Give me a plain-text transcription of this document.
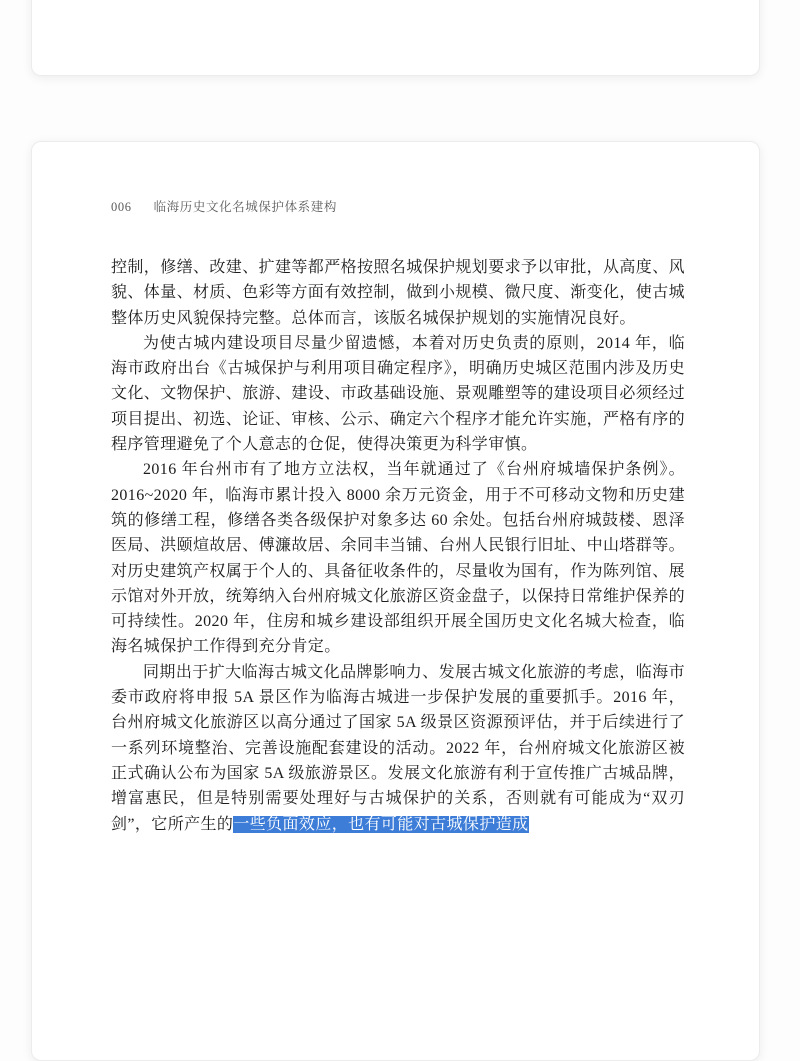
006 临海历史文化名城保护体系建构

控制，修缮、改建、扩建等都严格按照名城保护规划要求予以审批，从高度、风貌、体量、材质、色彩等方面有效控制，做到小规模、微尺度、渐变化，使古城整体历史风貌保持完整。总体而言，该版名城保护规划的实施情况良好。

为使古城内建设项目尽量少留遗憾，本着对历史负责的原则，2014 年，临海市政府出台《古城保护与利用项目确定程序》，明确历史城区范围内涉及历史文化、文物保护、旅游、建设、市政基础设施、景观雕塑等的建设项目必须经过项目提出、初选、论证、审核、公示、确定六个程序才能允许实施，严格有序的程序管理避免了个人意志的仓促，使得决策更为科学审慎。

2016 年台州市有了地方立法权，当年就通过了《台州府城墙保护条例》。2016~2020 年，临海市累计投入 8000 余万元资金，用于不可移动文物和历史建筑的修缮工程，修缮各类各级保护对象多达 60 余处。包括台州府城鼓楼、恩泽医局、洪颐煊故居、傅濂故居、余同丰当铺、台州人民银行旧址、中山塔群等。对历史建筑产权属于个人的、具备征收条件的，尽量收为国有，作为陈列馆、展示馆对外开放，统筹纳入台州府城文化旅游区资金盘子，以保持日常维护保养的可持续性。2020 年，住房和城乡建设部组织开展全国历史文化名城大检查，临海名城保护工作得到充分肯定。

同期出于扩大临海古城文化品牌影响力、发展古城文化旅游的考虑，临海市委市政府将申报 5A 景区作为临海古城进一步保护发展的重要抓手。2016 年，台州府城文化旅游区以高分通过了国家 5A 级景区资源预评估，并于后续进行了一系列环境整治、完善设施配套建设的活动。2022 年，台州府城文化旅游区被正式确认公布为国家 5A 级旅游景区。发展文化旅游有利于宣传推广古城品牌，增富惠民，但是特别需要处理好与古城保护的关系，否则就有可能成为“双刃剑”，它所产生的一些负面效应，也有可能对古城保护造成
